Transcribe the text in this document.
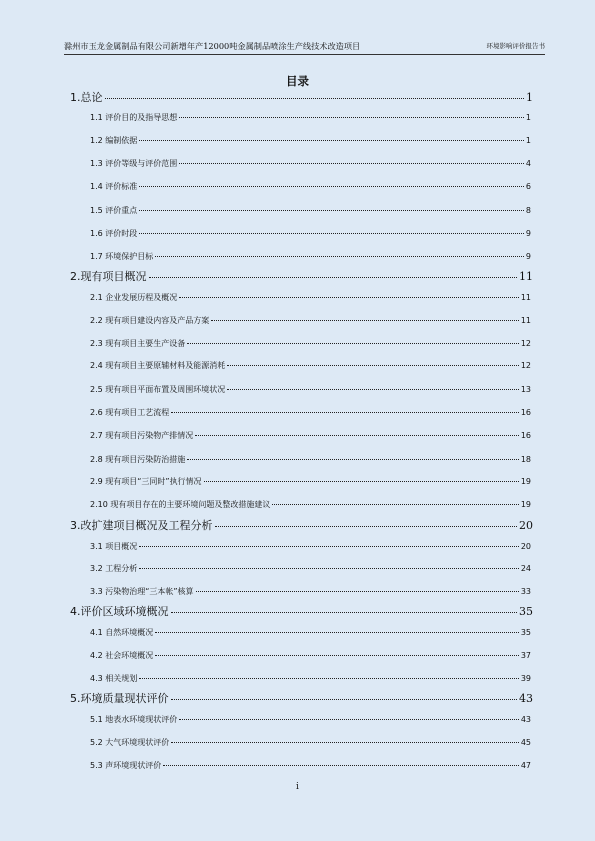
滁州市玉龙金属制品有限公司新增年产12000吨金属制品喷涂生产线技术改造项目	环境影响评价报告书
目录
1.总论	1
1.1 评价目的及指导思想	1
1.2 编制依据	1
1.3 评价等级与评价范围	4
1.4 评价标准	6
1.5 评价重点	8
1.6 评价时段	9
1.7 环境保护目标	9
2.现有项目概况	11
2.1 企业发展历程及概况	11
2.2 现有项目建设内容及产品方案	11
2.3 现有项目主要生产设备	12
2.4 现有项目主要原辅材料及能源消耗	12
2.5 现有项目平面布置及周围环境状况	13
2.6 现有项目工艺流程	16
2.7 现有项目污染物产排情况	16
2.8 现有项目污染防治措施	18
2.9 现有项目“三同时”执行情况	19
2.10 现有项目存在的主要环境问题及整改措施建议	19
3.改扩建项目概况及工程分析	20
3.1 项目概况	20
3.2 工程分析	24
3.3 污染物治理“三本帐”核算	33
4.评价区域环境概况	35
4.1 自然环境概况	35
4.2 社会环境概况	37
4.3 相关规划	39
5.环境质量现状评价	43
5.1 地表水环境现状评价	43
5.2 大气环境现状评价	45
5.3 声环境现状评价	47
i
